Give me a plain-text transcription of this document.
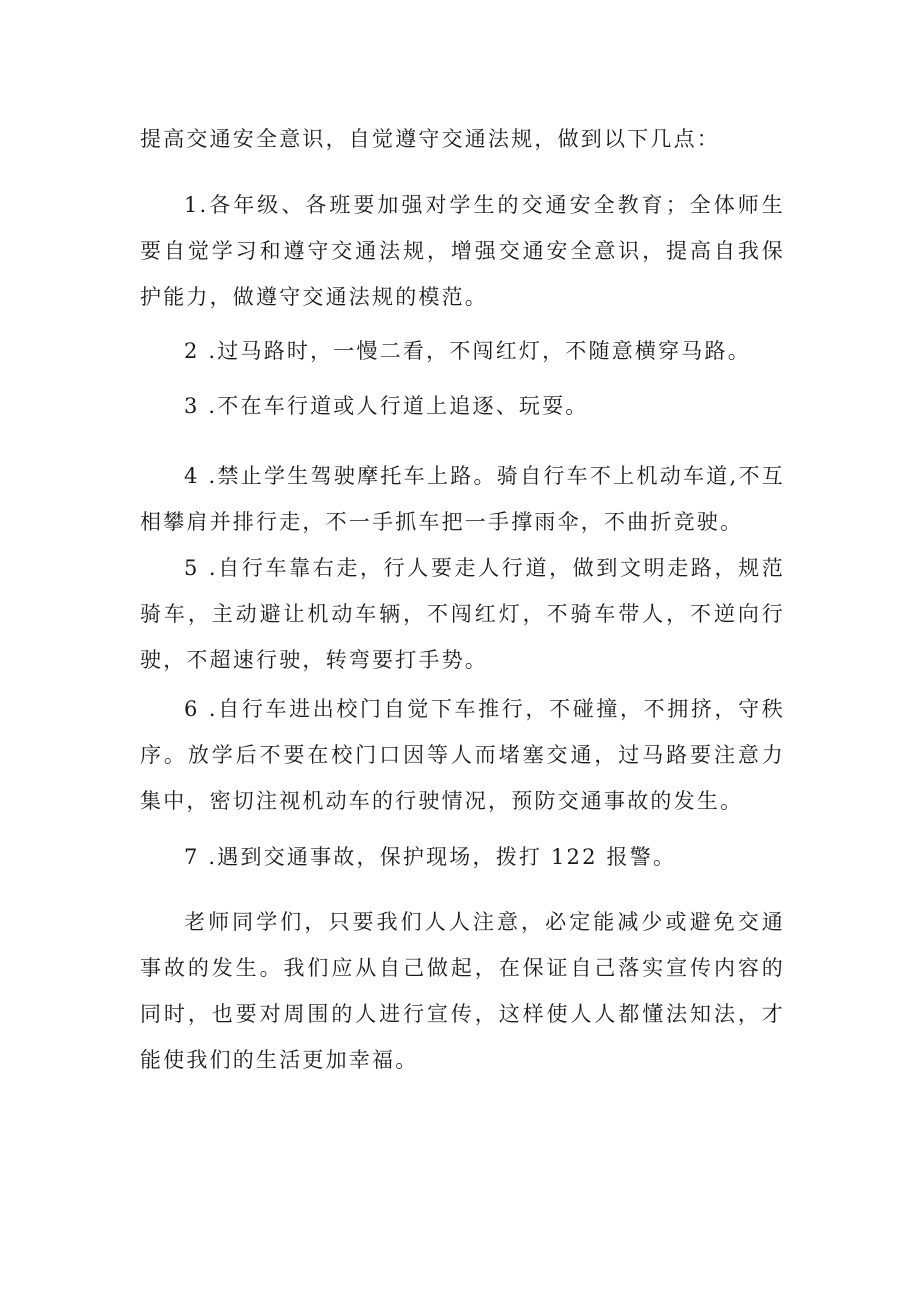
提高交通安全意识，自觉遵守交通法规，做到以下几点：

1.各年级、各班要加强对学生的交通安全教育；全体师生要自觉学习和遵守交通法规，增强交通安全意识，提高自我保护能力，做遵守交通法规的模范。

2 .过马路时，一慢二看，不闯红灯，不随意横穿马路。

3 .不在车行道或人行道上追逐、玩耍。

4 .禁止学生驾驶摩托车上路。骑自行车不上机动车道,不互相攀肩并排行走，不一手抓车把一手撑雨伞，不曲折竞驶。

5 .自行车靠右走，行人要走人行道，做到文明走路，规范骑车，主动避让机动车辆，不闯红灯，不骑车带人，不逆向行驶，不超速行驶，转弯要打手势。

6 .自行车进出校门自觉下车推行，不碰撞，不拥挤，守秩序。放学后不要在校门口因等人而堵塞交通，过马路要注意力集中，密切注视机动车的行驶情况，预防交通事故的发生。

7 .遇到交通事故，保护现场，拨打 122 报警。

老师同学们，只要我们人人注意，必定能减少或避免交通事故的发生。我们应从自己做起，在保证自己落实宣传内容的同时，也要对周围的人进行宣传，这样使人人都懂法知法，才能使我们的生活更加幸福。
